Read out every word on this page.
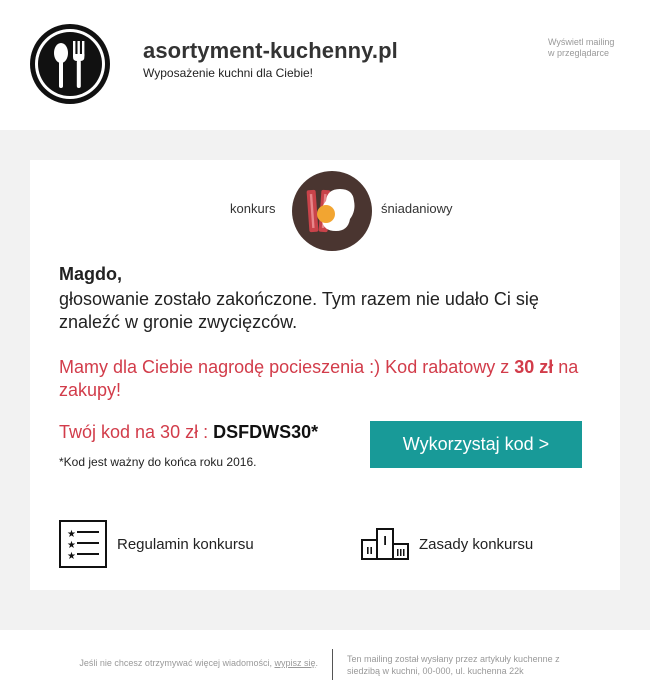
asortyment-kuchenny.pl
Wyposażenie kuchni dla Ciebie!
Wyświetl mailing
w przeglądarce
konkurs	śniadaniowy
Magdo,
głosowanie zostało zakończone. Tym razem nie udało Ci się znaleźć w gronie zwycięzców.
Mamy dla Ciebie nagrodę pocieszenia :) Kod rabatowy z 30 zł na zakupy!
Twój kod na 30 zł : DSFDWS30*
*Kod jest ważny do końca roku 2016.
Wykorzystaj kod >
★
★
★
Regulamin konkursu	Zasady konkursu
Jeśli nie chcesz otrzymywać więcej wiadomości, wypisz się.	Ten mailing został wysłany przez artykuły kuchenne z siedzibą w kuchni, 00-000, ul. kuchenna 22k
